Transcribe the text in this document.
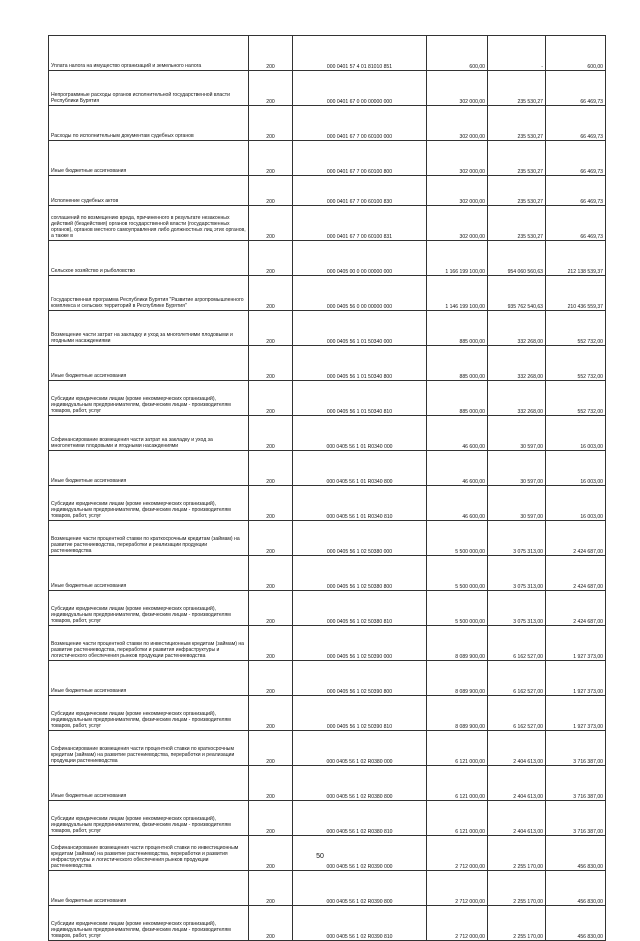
Уплата налога на имущество организаций и земельного налога	200	000 0401 57 4 01 81010 851	600,00	-	600,00
Непрограммные расходы органов исполнительной государственной власти Республики Бурятия	200	000 0401 67 0 00 00000 000	302 000,00	235 530,27	66 469,73
Расходы по исполнительным документам судебных органов	200	000 0401 67 7 00 60100 000	302 000,00	235 530,27	66 469,73
Иные бюджетные ассигнования	200	000 0401 67 7 00 60100 800	302 000,00	235 530,27	66 469,73
Исполнение судебных актов	200	000 0401 67 7 00 60100 830	302 000,00	235 530,27	66 469,73
соглашений по возмещению вреда, причиненного в результате незаконных действий (бездействия) органов государственной власти (государственных органов), органов местного самоуправления либо должностных лиц этих органов, а также в	200	000 0401 67 7 00 60100 831	302 000,00	235 530,27	66 469,73
Сельское хозяйство и рыболовство	200	000 0405 00 0 00 00000 000	1 166 199 100,00	954 060 560,63	212 138 539,37
Государственная программа Республики Бурятия "Развитие агропромышленного комплекса и сельских территорий в Республике Бурятия"	200	000 0405 56 0 00 00000 000	1 146 199 100,00	935 762 540,63	210 436 559,37
Возмещение части затрат на закладку и уход за многолетними плодовыми и ягодными насаждениями	200	000 0405 56 1 01 50340 000	885 000,00	332 268,00	552 732,00
Иные бюджетные ассигнования	200	000 0405 56 1 01 50340 800	885 000,00	332 268,00	552 732,00
Субсидии юридическим лицам (кроме некоммерческих организаций), индивидуальным предпринимателям, физическим лицам - производителям товаров, работ, услуг	200	000 0405 56 1 01 50340 810	885 000,00	332 268,00	552 732,00
Софинансирование возмещения части затрат на закладку и уход за многолетними плодовыми и ягодными насаждениями	200	000 0405 56 1 01 R0340 000	46 600,00	30 597,00	16 003,00
Иные бюджетные ассигнования	200	000 0405 56 1 01 R0340 800	46 600,00	30 597,00	16 003,00
Субсидии юридическим лицам (кроме некоммерческих организаций), индивидуальным предпринимателям, физическим лицам - производителям товаров, работ, услуг	200	000 0405 56 1 01 R0340 810	46 600,00	30 597,00	16 003,00
Возмещение части процентной ставки по краткосрочным кредитам (займам) на развитие растениеводства, переработки и реализации продукции растениеводства	200	000 0405 56 1 02 50380 000	5 500 000,00	3 075 313,00	2 424 687,00
Иные бюджетные ассигнования	200	000 0405 56 1 02 50380 800	5 500 000,00	3 075 313,00	2 424 687,00
Субсидии юридическим лицам (кроме некоммерческих организаций), индивидуальным предпринимателям, физическим лицам - производителям товаров, работ, услуг	200	000 0405 56 1 02 50380 810	5 500 000,00	3 075 313,00	2 424 687,00
Возмещение части процентной ставки по инвестиционным кредитам (займам) на развитие растениеводства, переработки и развития инфраструктуры и логистического обеспечения рынков продукции растениеводства	200	000 0405 56 1 02 50390 000	8 089 900,00	6 162 527,00	1 927 373,00
Иные бюджетные ассигнования	200	000 0405 56 1 02 50390 800	8 089 900,00	6 162 527,00	1 927 373,00
Субсидии юридическим лицам (кроме некоммерческих организаций), индивидуальным предпринимателям, физическим лицам - производителям товаров, работ, услуг	200	000 0405 56 1 02 50390 810	8 089 900,00	6 162 527,00	1 927 373,00
Софинансирование возмещения части процентной ставки по краткосрочным кредитам (займам) на развитие растениеводства, переработки и реализации продукции растениеводства	200	000 0405 56 1 02 R0380 000	6 121 000,00	2 404 613,00	3 716 387,00
Иные бюджетные ассигнования	200	000 0405 56 1 02 R0380 800	6 121 000,00	2 404 613,00	3 716 387,00
Субсидии юридическим лицам (кроме некоммерческих организаций), индивидуальным предпринимателям, физическим лицам - производителям товаров, работ, услуг	200	000 0405 56 1 02 R0380 810	6 121 000,00	2 404 613,00	3 716 387,00
Софинансирование возмещения части процентной ставки по инвестиционным кредитам (займам) на развитие растениеводства, переработки и развития инфраструктуры и логистического обеспечения рынков продукции растениеводства	200	000 0405 56 1 02 R0390 000	2 712 000,00	2 255 170,00	456 830,00
Иные бюджетные ассигнования	200	000 0405 56 1 02 R0390 800	2 712 000,00	2 255 170,00	456 830,00
Субсидии юридическим лицам (кроме некоммерческих организаций), индивидуальным предпринимателям, физическим лицам - производителям товаров, работ, услуг	200	000 0405 56 1 02 R0390 810	2 712 000,00	2 255 170,00	456 830,00
50
